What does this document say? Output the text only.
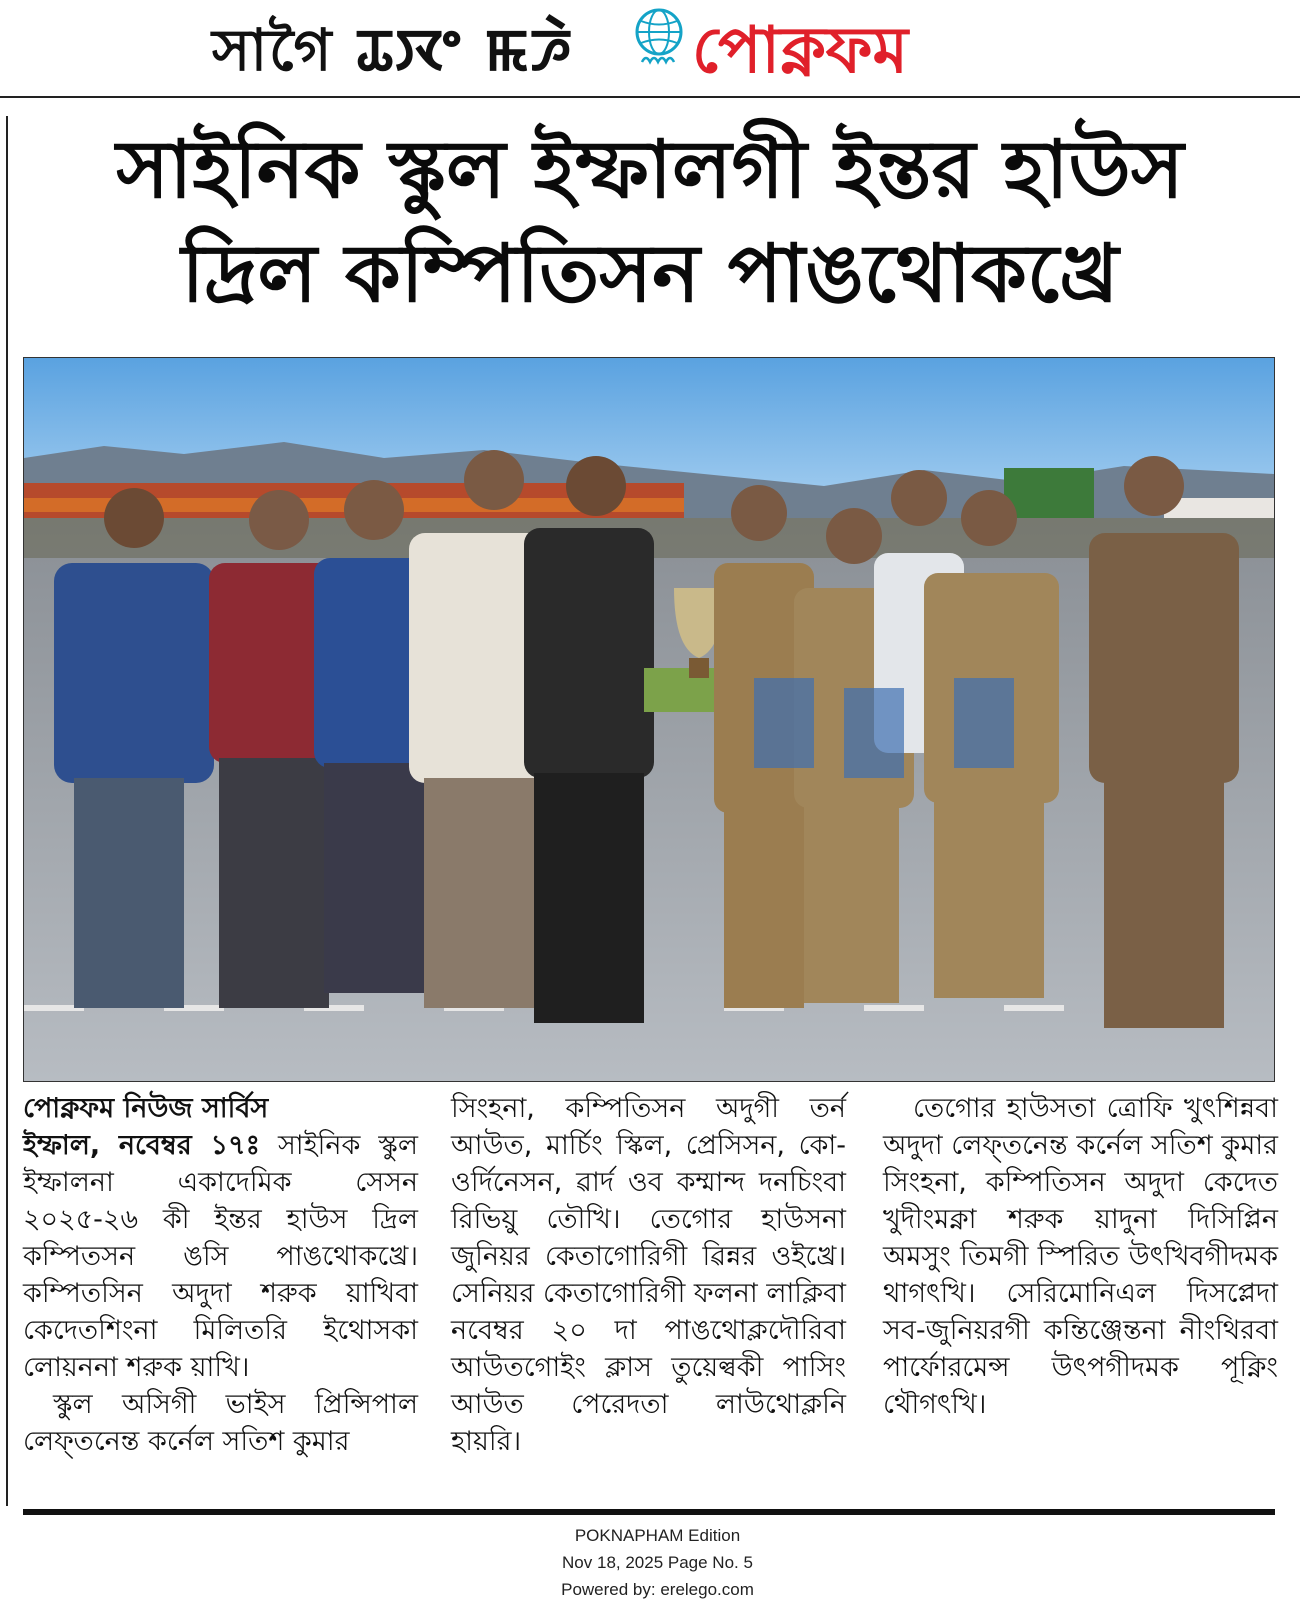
সাগৈ ꯊꯋꯦ ꯃꯍꯥ পোক্নফম
সাইনিক স্কুল ইম্ফালগী ইন্তর হাউস
দ্রিল কম্পিতিসন পাঙথোকখ্রে

পোক্নফম নিউজ সার্বিস
ইম্ফাল, নবেম্বর ১৭ঃ সাইনিক স্কুল ইম্ফালনা একাদেমিক সেসন ২০২৫-২৬ কী ইন্তর হাউস দ্রিল কম্পিতসন ঙসি পাঙথোকখ্রে। কম্পিতসিন অদুদা শরুক য়াখিবা কেদেতশিংনা মিলিতরি ইথোসকা লোয়ননা শরুক য়াখি।

স্কুল অসিগী ভাইস প্রিন্সিপাল লেফ্‌তনেন্ত কর্নেল সতিশ কুমার

সিংহনা, কম্পিতিসন অদুগী তর্ন আউত, মার্চিং স্কিল, প্রেসিসন, কো-ওর্দিনেসন, ৱার্দ ওব কম্মান্দ দনচিংবা রিভিয়ু তৌখি। তেগোর হাউসনা জুনিয়র কেতাগোরিগী ৱিন্নর ওইখ্রে। সেনিয়র কেতাগোরিগী ফলনা লাক্লিবা নবেম্বর ২০ দা পাঙথোক্লদৌরিবা আউতগোইং ক্লাস তুয়েল্বকী পাসিং আউত পেরেদতা লাউথোক্লনি হায়রি।

তেগোর হাউসতা ত্রোফি খুৎশিন্নবা অদুদা লেফ্‌তনেন্ত কর্নেল সতিশ কুমার সিংহনা, কম্পিতিসন অদুদা কেদেত খুদীংমক্না শরুক য়াদুনা দিসিপ্লিন অমসুং তিমগী স্পিরিত উৎখিবগীদমক থাগৎখি। সেরিমোনিএল দিসপ্লেদা সব-জুনিয়রগী কন্তিঞ্জেন্তনা নীংথিরবা পার্ফোরমেন্স উৎপগীদমক পূক্নিং থৌগৎখি।

POKNAPHAM Edition
Nov 18, 2025 Page No. 5
Powered by: erelego.com
